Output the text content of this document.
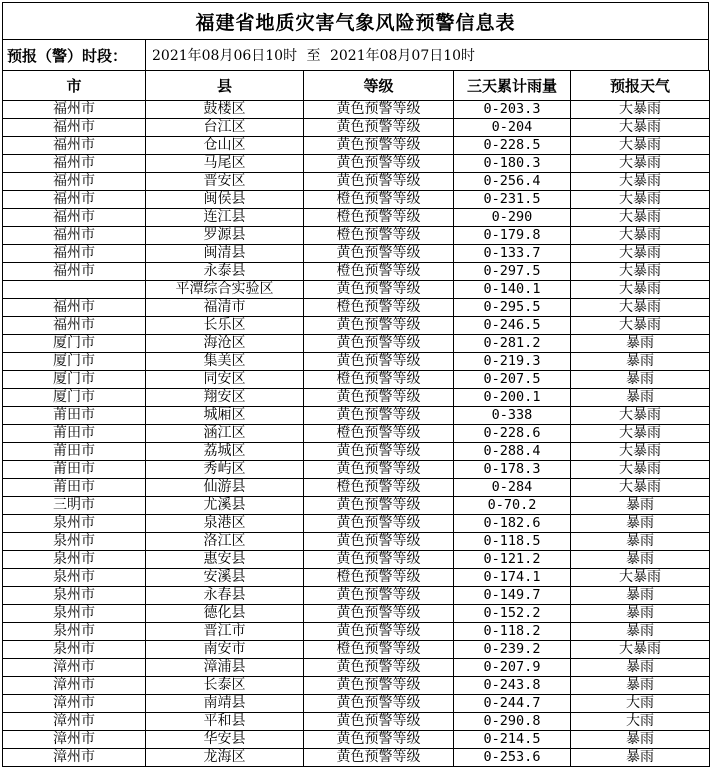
福建省地质灾害气象风险预警信息表
预报（警）时段：	2021年08月06日10时 至 2021年08月07日10时
市	县	等级	三天累计雨量	预报天气
福州市	鼓楼区	黄色预警等级	0-203.3	大暴雨
福州市	台江区	黄色预警等级	0-204	大暴雨
福州市	仓山区	黄色预警等级	0-228.5	大暴雨
福州市	马尾区	黄色预警等级	0-180.3	大暴雨
福州市	晋安区	黄色预警等级	0-256.4	大暴雨
福州市	闽侯县	橙色预警等级	0-231.5	大暴雨
福州市	连江县	橙色预警等级	0-290	大暴雨
福州市	罗源县	橙色预警等级	0-179.8	大暴雨
福州市	闽清县	黄色预警等级	0-133.7	大暴雨
福州市	永泰县	橙色预警等级	0-297.5	大暴雨
	平潭综合实验区	黄色预警等级	0-140.1	大暴雨
福州市	福清市	橙色预警等级	0-295.5	大暴雨
福州市	长乐区	黄色预警等级	0-246.5	大暴雨
厦门市	海沧区	黄色预警等级	0-281.2	暴雨
厦门市	集美区	黄色预警等级	0-219.3	暴雨
厦门市	同安区	橙色预警等级	0-207.5	暴雨
厦门市	翔安区	黄色预警等级	0-200.1	暴雨
莆田市	城厢区	黄色预警等级	0-338	大暴雨
莆田市	涵江区	橙色预警等级	0-228.6	大暴雨
莆田市	荔城区	黄色预警等级	0-288.4	大暴雨
莆田市	秀屿区	黄色预警等级	0-178.3	大暴雨
莆田市	仙游县	橙色预警等级	0-284	大暴雨
三明市	尤溪县	黄色预警等级	0-70.2	暴雨
泉州市	泉港区	黄色预警等级	0-182.6	暴雨
泉州市	洛江区	黄色预警等级	0-118.5	暴雨
泉州市	惠安县	黄色预警等级	0-121.2	暴雨
泉州市	安溪县	橙色预警等级	0-174.1	大暴雨
泉州市	永春县	黄色预警等级	0-149.7	暴雨
泉州市	德化县	黄色预警等级	0-152.2	暴雨
泉州市	晋江市	黄色预警等级	0-118.2	暴雨
泉州市	南安市	橙色预警等级	0-239.2	大暴雨
漳州市	漳浦县	黄色预警等级	0-207.9	暴雨
漳州市	长泰区	黄色预警等级	0-243.8	暴雨
漳州市	南靖县	黄色预警等级	0-244.7	大雨
漳州市	平和县	黄色预警等级	0-290.8	大雨
漳州市	华安县	黄色预警等级	0-214.5	暴雨
漳州市	龙海区	黄色预警等级	0-253.6	暴雨
